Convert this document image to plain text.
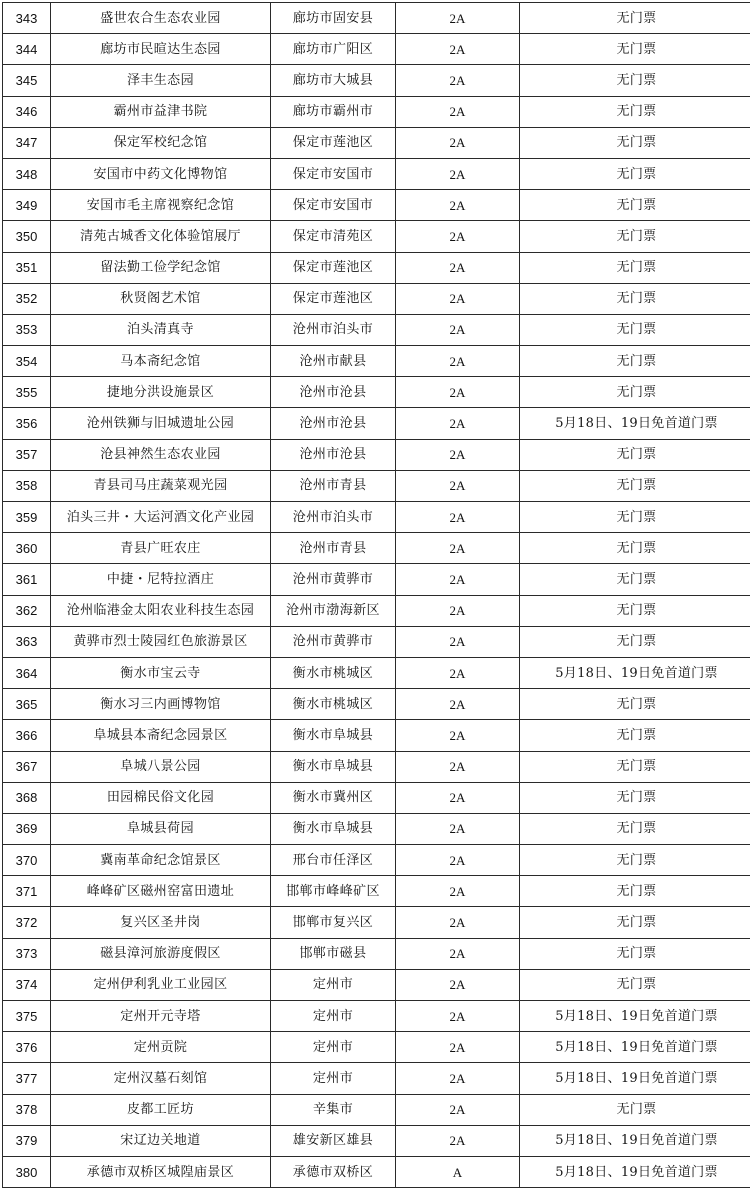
343	盛世农合生态农业园	廊坊市固安县	2A	无门票
344	廊坊市民暄达生态园	廊坊市广阳区	2A	无门票
345	泽丰生态园	廊坊市大城县	2A	无门票
346	霸州市益津书院	廊坊市霸州市	2A	无门票
347	保定军校纪念馆	保定市莲池区	2A	无门票
348	安国市中药文化博物馆	保定市安国市	2A	无门票
349	安国市毛主席视察纪念馆	保定市安国市	2A	无门票
350	清苑古城香文化体验馆展厅	保定市清苑区	2A	无门票
351	留法勤工俭学纪念馆	保定市莲池区	2A	无门票
352	秋贤阁艺术馆	保定市莲池区	2A	无门票
353	泊头清真寺	沧州市泊头市	2A	无门票
354	马本斋纪念馆	沧州市献县	2A	无门票
355	捷地分洪设施景区	沧州市沧县	2A	无门票
356	沧州铁狮与旧城遗址公园	沧州市沧县	2A	5月18日、19日免首道门票
357	沧县神然生态农业园	沧州市沧县	2A	无门票
358	青县司马庄蔬菜观光园	沧州市青县	2A	无门票
359	泊头三井・大运河酒文化产业园	沧州市泊头市	2A	无门票
360	青县广旺农庄	沧州市青县	2A	无门票
361	中捷・尼特拉酒庄	沧州市黄骅市	2A	无门票
362	沧州临港金太阳农业科技生态园	沧州市渤海新区	2A	无门票
363	黄骅市烈士陵园红色旅游景区	沧州市黄骅市	2A	无门票
364	衡水市宝云寺	衡水市桃城区	2A	5月18日、19日免首道门票
365	衡水习三内画博物馆	衡水市桃城区	2A	无门票
366	阜城县本斋纪念园景区	衡水市阜城县	2A	无门票
367	阜城八景公园	衡水市阜城县	2A	无门票
368	田园棉民俗文化园	衡水市冀州区	2A	无门票
369	阜城县荷园	衡水市阜城县	2A	无门票
370	冀南革命纪念馆景区	邢台市任泽区	2A	无门票
371	峰峰矿区磁州窑富田遗址	邯郸市峰峰矿区	2A	无门票
372	复兴区圣井岗	邯郸市复兴区	2A	无门票
373	磁县漳河旅游度假区	邯郸市磁县	2A	无门票
374	定州伊利乳业工业园区	定州市	2A	无门票
375	定州开元寺塔	定州市	2A	5月18日、19日免首道门票
376	定州贡院	定州市	2A	5月18日、19日免首道门票
377	定州汉墓石刻馆	定州市	2A	5月18日、19日免首道门票
378	皮都工匠坊	辛集市	2A	无门票
379	宋辽边关地道	雄安新区雄县	2A	5月18日、19日免首道门票
380	承德市双桥区城隍庙景区	承德市双桥区	A	5月18日、19日免首道门票
